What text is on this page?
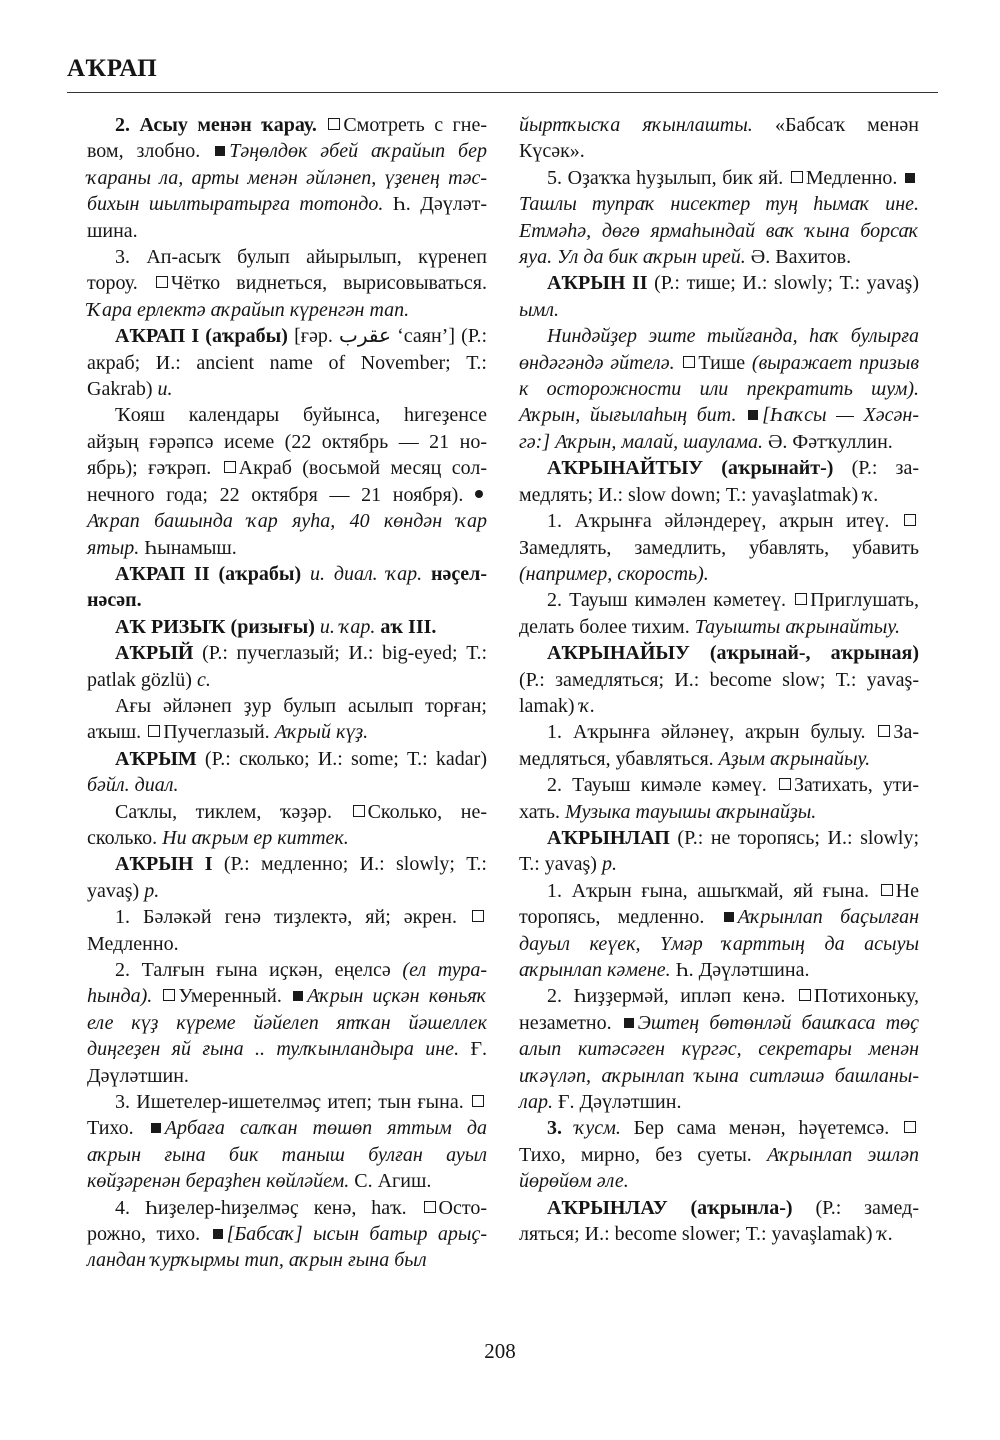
АҠРАП

2. Асыу менән ҡарау. Смотреть с гневом, злобно. Тәңөлдөк әбей аҡрайып бер ҡараны ла, арты менән әйләнеп, үҙенең тәсбихын шылтыратырға тотондо. Һ. Дәүләтшина.

3. Ап-асыҡ булып айырылып, күренеп тороу. Чётко виднеться, вырисовываться. Ҡара ерлектә аҡрайып күренгән тап.

АҠРАП I (аҡрабы) [ғәр. عقرب ‘саян’] (Р.: акраб; И.: ancient name of November; Т.: Gakrab) и.

Ҡояш календары буйынса, һигеҙенсе айҙың ғәрәпсә исеме (22 октябрь — 21 ноябрь); ғәҡрәп. Акраб (восьмой месяц солнечного года; 22 октября — 21 ноября). Аҡрап башында ҡар яуһа, 40 көндән ҡар ятыр. Һынамыш.

АҠРАП II (аҡрабы) и. диал. ҡар. нәҫелнәсәп.

АҠ РИЗЫҠ (ризығы) и. ҡар. аҡ III.

АҠРЫЙ (Р.: пучеглазый; И.: big-eyed; Т.: patlak gözlü) с.

Ағы әйләнеп ҙур булып асылып торған; аҡыш. Пучеглазый. Аҡрый күҙ.

АҠРЫМ (Р.: сколько; И.: some; Т.: kadar) бәйл. диал.

Саҡлы, тиклем, ҡәҙәр. Сколько, несколько. Ни аҡрым ер киттек.

АҠРЫН I (Р.: медленно; И.: slowly; Т.: yavaş) р.

1. Бәләкәй генә тиҙлектә, яй; әкрен. Медленно.

2. Талғын ғына иҫкән, еңелсә (ел тураһында). Умеренный. Аҡрын иҫкән көньяҡ еле күҙ күреме йәйелеп ятҡан йәшеллек диңгеҙен яй ғына .. тулҡынландыра ине. Ғ. Дәүләтшин.

3. Ишетелер-ишетелмәҫ итеп; тын ғына. Тихо. Арбаға салҡан төшөп яттым да аҡрын ғына бик таныш булған ауыл көйҙәренән бераҙһен көйләйем. С. Агиш.

4. Һиҙелер-һиҙелмәҫ кенә, һаҡ. Осторожно, тихо. [Бабсаҡ] ысын батыр арыҫландан ҡурҡырмы тип, аҡрын ғына был

йыртҡысҡа яҡынлашты. «Бабсаҡ менән Күсәк».

5. Оҙаҡҡа һуҙылып, бик яй. Медленно. Ташлы тупраҡ нисектер туң һымаҡ ине. Етмәһә, дөгө ярмаһындай ваҡ ҡына борсаҡ яуа. Ул да бик аҡрын ирей. Ә. Вахитов.

АҠРЫН II (Р.: тише; И.: slowly; Т.: yavaş) ымл.

Ниндәйҙер эште тыйғанда, һаҡ булырға өндәгәндә әйтелә. Тише (выражает призыв к осторожности или прекратить шум). Аҡрын, йығылаһың бит. [Һаҡсы — Хәсәнгә:] Аҡрын, малай, шаулама. Ә. Фәтҡуллин.

АҠРЫНАЙТЫУ (аҡрынайт-) (Р.: замедлять; И.: slow down; Т.: yavaşlatmak) ҡ.

1. Аҡрынға әйләндереү, аҡрын итеү. Замедлять, замедлить, убавлять, убавить (например, скорость).

2. Тауыш кимәлен кәметеү. Приглушать, делать более тихим. Тауышты аҡрынайтыу.

АҠРЫНАЙЫУ (аҡрынай-, аҡрыная) (Р.: замедляться; И.: become slow; Т.: yavaşlamak) ҡ.

1. Аҡрынға әйләнеү, аҡрын булыу. Замедляться, убавляться. Аҙым аҡрынайыу.

2. Тауыш кимәле кәмеү. Затихать, утихать. Музыка тауышы аҡрынайҙы.

АҠРЫНЛАП (Р.: не торопясь; И.: slowly; Т.: yavaş) р.

1. Аҡрын ғына, ашыҡмай, яй ғына. Не торопясь, медленно. Аҡрынлап баҫылған дауыл кеүек, Үмәр ҡарттың да асыуы аҡрынлап кәмене. Һ. Дәүләтшина.

2. Һиҙҙермәй, иплəп кенә. Потихоньку, незаметно. Эштең бөтөнләй башҡаса төҫ алып китәсәген күргәс, секретары менән иҡәүләп, аҡрынлап ҡына ситләшә башланылар. Ғ. Дәүләтшин.

3. ҡусм. Бер сама менән, һәүетемсә. Тихо, мирно, без суеты. Аҡрынлап эшләп йөрөйөм әле.

АҠРЫНЛАУ (аҡрынла-) (Р.: замедляться; И.: become slower; Т.: yavaşlamak) ҡ.

208
